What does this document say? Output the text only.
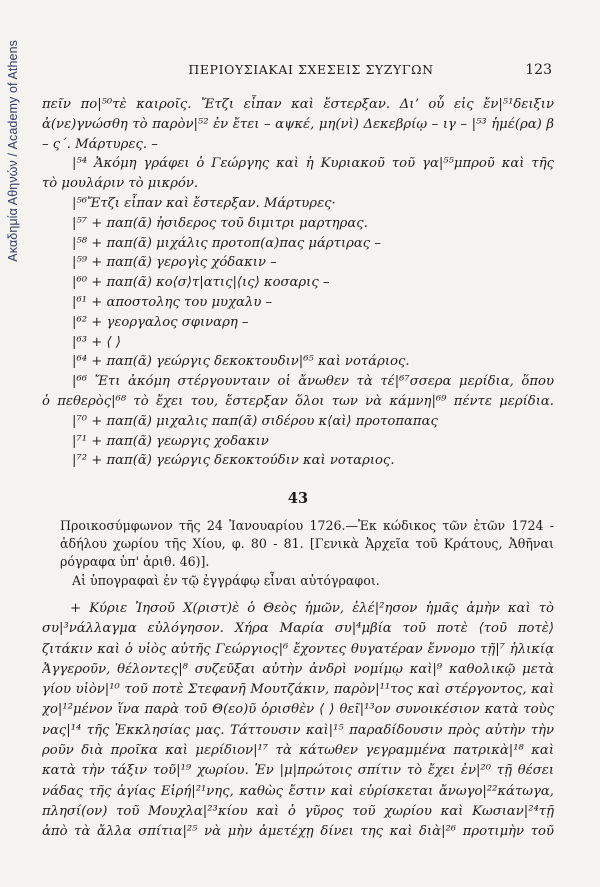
Ακαδημία Αθηνών / Academy of Athens	ΠΕΡΙΟΥΣΙΑΚΑΙ ΣΧΕΣΕΙΣ ΣΥΖΥΓΩΝ	123
πεῖν πο|⁵⁰τὲ καιροῖς. Ἔτζι εἶπαν καὶ ἔστερξαν. Διʼ οὗ εἰς ἔν|⁵¹δειξιν
ἀ(νε)γνώσθη τὸ παρὸν|⁵² ἐν ἔτει – αψκέ, μη(νὶ) Δεκεβρίῳ – ιγ – |⁵³ ἡμέ(ρα) β
– ς΄. Μάρτυρες. –
|⁵⁴ Ἀκόμη γράφει ὁ Γεώργης καὶ ἡ Κυριακοῦ τοῦ γα|⁵⁵μπροῦ καὶ τῆς
τὸ μουλάριν τὸ μικρόν.
|⁵⁶Ἔτζι εἶπαν καὶ ἔστερξαν. Μάρτυρες·
|⁵⁷ + παπ(ᾶ) ἠσιδερος τοῦ διμιτρι μαρτηρας.
|⁵⁸ + παπ(ᾶ) μιχάλις προτοπ(α)πας μάρτιρας –
|⁵⁹ + παπ(ᾶ) γερογὶς χόδακιν –
|⁶⁰ + παπ(ᾶ) κο⟨σ⟩τ|ατις|⟨ις⟩ κοσαρις –
|⁶¹ + αποστολης του μυχαλυ –
|⁶² + γεοργαλος σφιναρη –
|⁶³ + ⟨ ⟩
|⁶⁴ + παπ(ᾶ) γεώργις δεκοκτουδιν|⁶⁵ καὶ νοτάριος.
|⁶⁶ Ἔτι ἀκόμη στέργουνταιν οἱ ἄνωθεν τὰ τέ|⁶⁷σσερα μερίδια, ὅπου
ὁ πεθερὸς|⁶⁸ τὸ ἔχει του, ἔστερξαν ὅλοι των νὰ κάμνη|⁶⁹ πέντε μερίδια.
|⁷⁰ + παπ(ᾶ) μιχαλις παπ(ᾶ) σιδέρου κ⟨αὶ⟩ προτοπαπας
|⁷¹ + παπ(ᾶ) γεωργις χοδακιν
|⁷² + παπ(ᾶ) γεώργις δεκοκτούδιν καὶ νοταριος.
43
Προικοσύμφωνον τῆς 24 Ἰανουαρίου 1726.—Ἐκ κώδικος τῶν ἐτῶν 1724 -
ἀδήλου χωρίου τῆς Χίου, φ. 80 - 81. [Γενικὰ Ἀρχεῖα τοῦ Κράτους, Ἀθῆναι
ρόγραφα ὑπ' ἀριθ. 46)].
Αἱ ὑπογραφαὶ ἐν τῷ ἐγγράφῳ εἶναι αὐτόγραφοι.
+ Κύριε Ἰησοῦ Χ(ριστ)ὲ ὁ Θεὸς ἡμῶν, ἐλέ|²ησον ἡμᾶς ἀμὴν καὶ τὸ
συ|³νάλλαγμα εὐλόγησον. Χήρα Μαρία συ|⁴μβία τοῦ ποτὲ ⟨τοῦ ποτὲ⟩
ζιτάκιν καὶ ὁ υἱὸς αὐτῆς Γεώργιος|⁶ ἔχοντες θυγατέραν ἔννομο τῇ|⁷ ἡλικίᾳ
Ἀγγεροῦν, θέλοντες|⁸ συζεῦξαι αὐτὴν ἀνδρὶ νομίμῳ καὶ|⁹ καθολικῷ μετὰ
γίου υἱὸν|¹⁰ τοῦ ποτὲ Στεφανῆ Μουτζάκιν, παρὸν|¹¹τος καὶ στέργοντος, καὶ
χο|¹²μένον ἵνα παρὰ τοῦ Θ(εο)ῦ ὁρισθὲν ⟨ ⟩ θεῖ|¹³ον συνοικέσιον κατὰ τοὺς
νας|¹⁴ τῆς Ἐκκλησίας μας. Τάττουσιν καὶ|¹⁵ παραδίδουσιν πρὸς αὐτὴν τὴν
ροῦν διὰ προῖκα καὶ μερίδιον|¹⁷ τὰ κάτωθεν γεγραμμένα πατρικὰ|¹⁸ καὶ
κατὰ τὴν τάξιν τοῦ|¹⁹ χωρίου. Ἐν |μ|πρώτοις σπίτιν τὸ ἔχει ἐν|²⁰ τῇ θέσει
νάδας τῆς ἁγίας Εἰρή|²¹νης, καθὼς ἔστιν καὶ εὑρίσκεται ἄνωγο|²²κάτωγα,
πλησί(ον) τοῦ Μουχλα|²³κίου καὶ ὁ γῦρος τοῦ χωρίου καὶ Κωσιαν|²⁴τῇ
ἀπὸ τὰ ἄλλα σπίτια|²⁵ νὰ μὴν ἀμετέχῃ δίνει της καὶ διὰ|²⁶ προτιμὴν τοῦ
